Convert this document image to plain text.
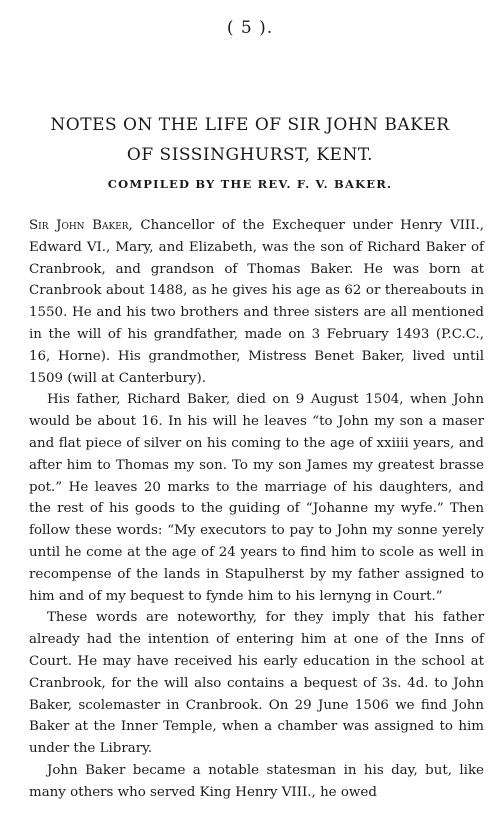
( 5 ).
NOTES ON THE LIFE OF SIR JOHN BAKER
OF SISSINGHURST, KENT.
COMPILED BY THE REV. F. V. BAKER.

Sir John Baker, Chancellor of the Exchequer under Henry VIII., Edward VI., Mary, and Elizabeth, was the son of Richard Baker of Cranbrook, and grandson of Thomas Baker. He was born at Cranbrook about 1488, as he gives his age as 62 or thereabouts in 1550. He and his two brothers and three sisters are all mentioned in the will of his grandfather, made on 3 February 1493 (P.C.C., 16, Horne). His grandmother, Mistress Benet Baker, lived until 1509 (will at Canterbury).

His father, Richard Baker, died on 9 August 1504, when John would be about 16. In his will he leaves “to John my son a maser and flat piece of silver on his coming to the age of xxiiii years, and after him to Thomas my son. To my son James my greatest brasse pot.” He leaves 20 marks to the marriage of his daughters, and the rest of his goods to the guiding of “Johanne my wyfe.” Then follow these words: “My executors to pay to John my sonne yerely until he come at the age of 24 years to find him to scole as well in recompense of the lands in Stapulherst by my father assigned to him and of my bequest to fynde him to his lernyng in Court.”

These words are noteworthy, for they imply that his father already had the intention of entering him at one of the Inns of Court. He may have received his early education in the school at Cranbrook, for the will also contains a bequest of 3s. 4d. to John Baker, scolemaster in Cranbrook. On 29 June 1506 we find John Baker at the Inner Temple, when a chamber was assigned to him under the Library.

John Baker became a notable statesman in his day, but, like many others who served King Henry VIII., he owed
